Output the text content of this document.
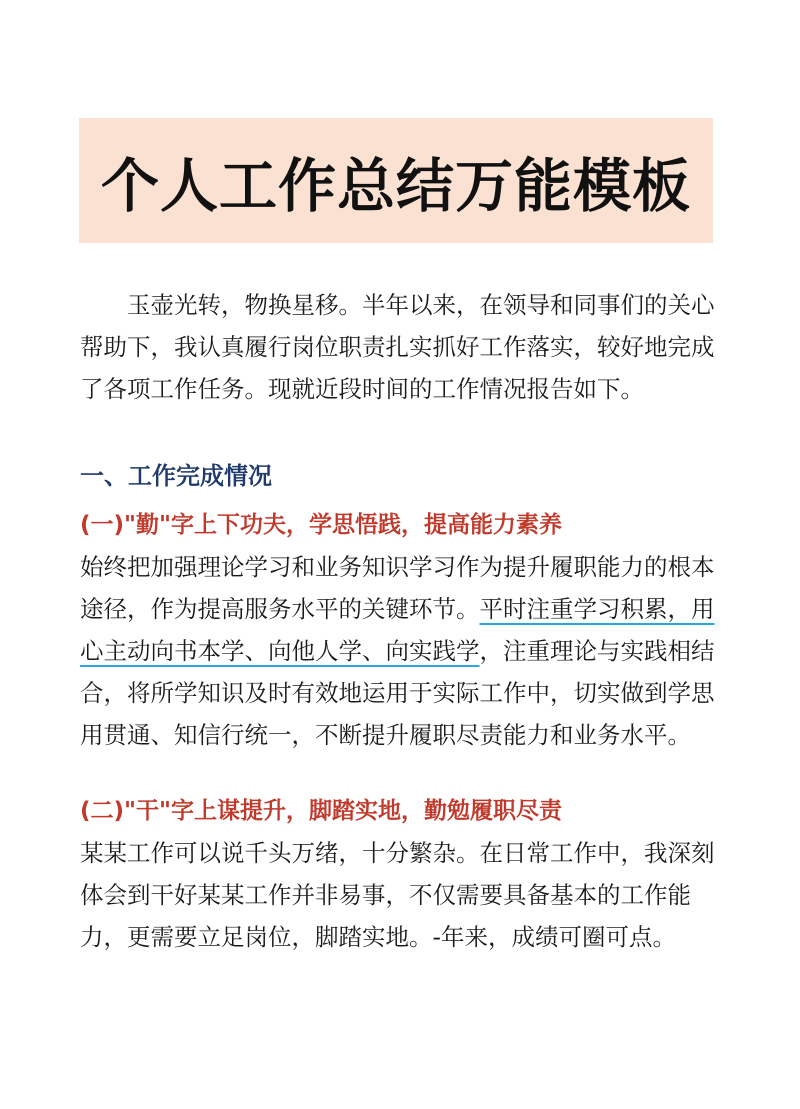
个人工作总结万能模板

玉壶光转，物换星移。半年以来，在领导和同事们的关心帮助下，我认真履行岗位职责扎实抓好工作落实，较好地完成了各项工作任务。现就近段时间的工作情况报告如下。

一、工作完成情况
(一)"勤"字上下功夫，学思悟践，提高能力素养

始终把加强理论学习和业务知识学习作为提升履职能力的根本途径，作为提高服务水平的关键环节。平时注重学习积累，用心主动向书本学、向他人学、向实践学，注重理论与实践相结合，将所学知识及时有效地运用于实际工作中，切实做到学思用贯通、知信行统一，不断提升履职尽责能力和业务水平。

(二)"干"字上谋提升，脚踏实地，勤勉履职尽责

某某工作可以说千头万绪，十分繁杂。在日常工作中，我深刻体会到干好某某工作并非易事，不仅需要具备基本的工作能力，更需要立足岗位，脚踏实地。-年来，成绩可圈可点。
